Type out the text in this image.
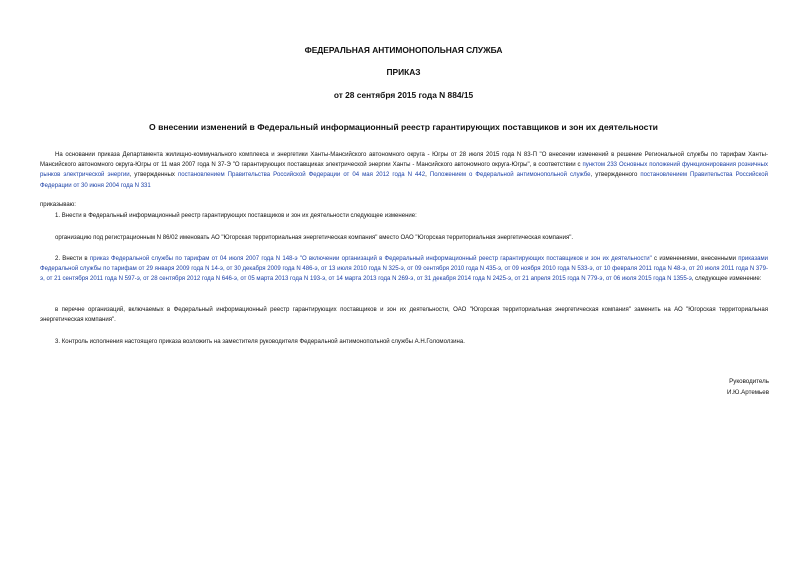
ФЕДЕРАЛЬНАЯ АНТИМОНОПОЛЬНАЯ СЛУЖБА
ПРИКАЗ
от 28 сентября 2015 года N 884/15
О внесении изменений в Федеральный информационный реестр гарантирующих поставщиков и зон их деятельности
На основании приказа Департамента жилищно-коммунального комплекса и энергетики Ханты-Мансийского автономного округа - Югры от 28 июля 2015 года N 83-П "О внесении изменений в решение Региональной службы по тарифам Ханты-Мансийского автономного округа-Югры от 11 мая 2007 года N 37-Э "О гарантирующих поставщиках электрической энергии Ханты - Мансийского автономного округа-Югры", в соответствии с пунктом 233 Основных положений функционирования розничных рынков электрической энергии, утвержденных постановлением Правительства Российской Федерации от 04 мая 2012 года N 442, Положением о Федеральной антимонопольной службе, утвержденного постановлением Правительства Российской Федерации от 30 июня 2004 года N 331
приказываю:
1. Внести в Федеральный информационный реестр гарантирующих поставщиков и зон их деятельности следующее изменение:
организацию под регистрационным N 86/02 именовать АО "Югорская территориальная энергетическая компания" вместо ОАО "Югорская территориальная энергетическая компания".
2. Внести в приказ Федеральной службы по тарифам от 04 июля 2007 года N 148-э "О включении организаций в Федеральный информационный реестр гарантирующих поставщиков и зон их деятельности" с изменениями, внесенными приказами Федеральной службы по тарифам от 29 января 2009 года N 14-э, от 30 декабря 2009 года N 486-э, от 13 июля 2010 года N 325-э, от 09 сентября 2010 года N 435-э, от 09 ноября 2010 года N 533-э, от 10 февраля 2011 года N 48-э, от 20 июля 2011 года N 379-э, от 21 сентября 2011 года N 597-э, от 28 сентября 2012 года N 646-э, от 05 марта 2013 года N 193-э, от 14 марта 2013 года N 269-э, от 31 декабря 2014 года N 2425-э, от 21 апреля 2015 года N 779-э, от 06 июля 2015 года N 1355-э, следующее изменение:
в перечне организаций, включаемых в Федеральный информационный реестр гарантирующих поставщиков и зон их деятельности, ОАО "Югорская территориальная энергетическая компания" заменить на АО "Югорская территориальная энергетическая компания".
3. Контроль исполнения настоящего приказа возложить на заместителя руководителя Федеральной антимонопольной службы А.Н.Голомолзина.
Руководитель
И.Ю.Артемьев
